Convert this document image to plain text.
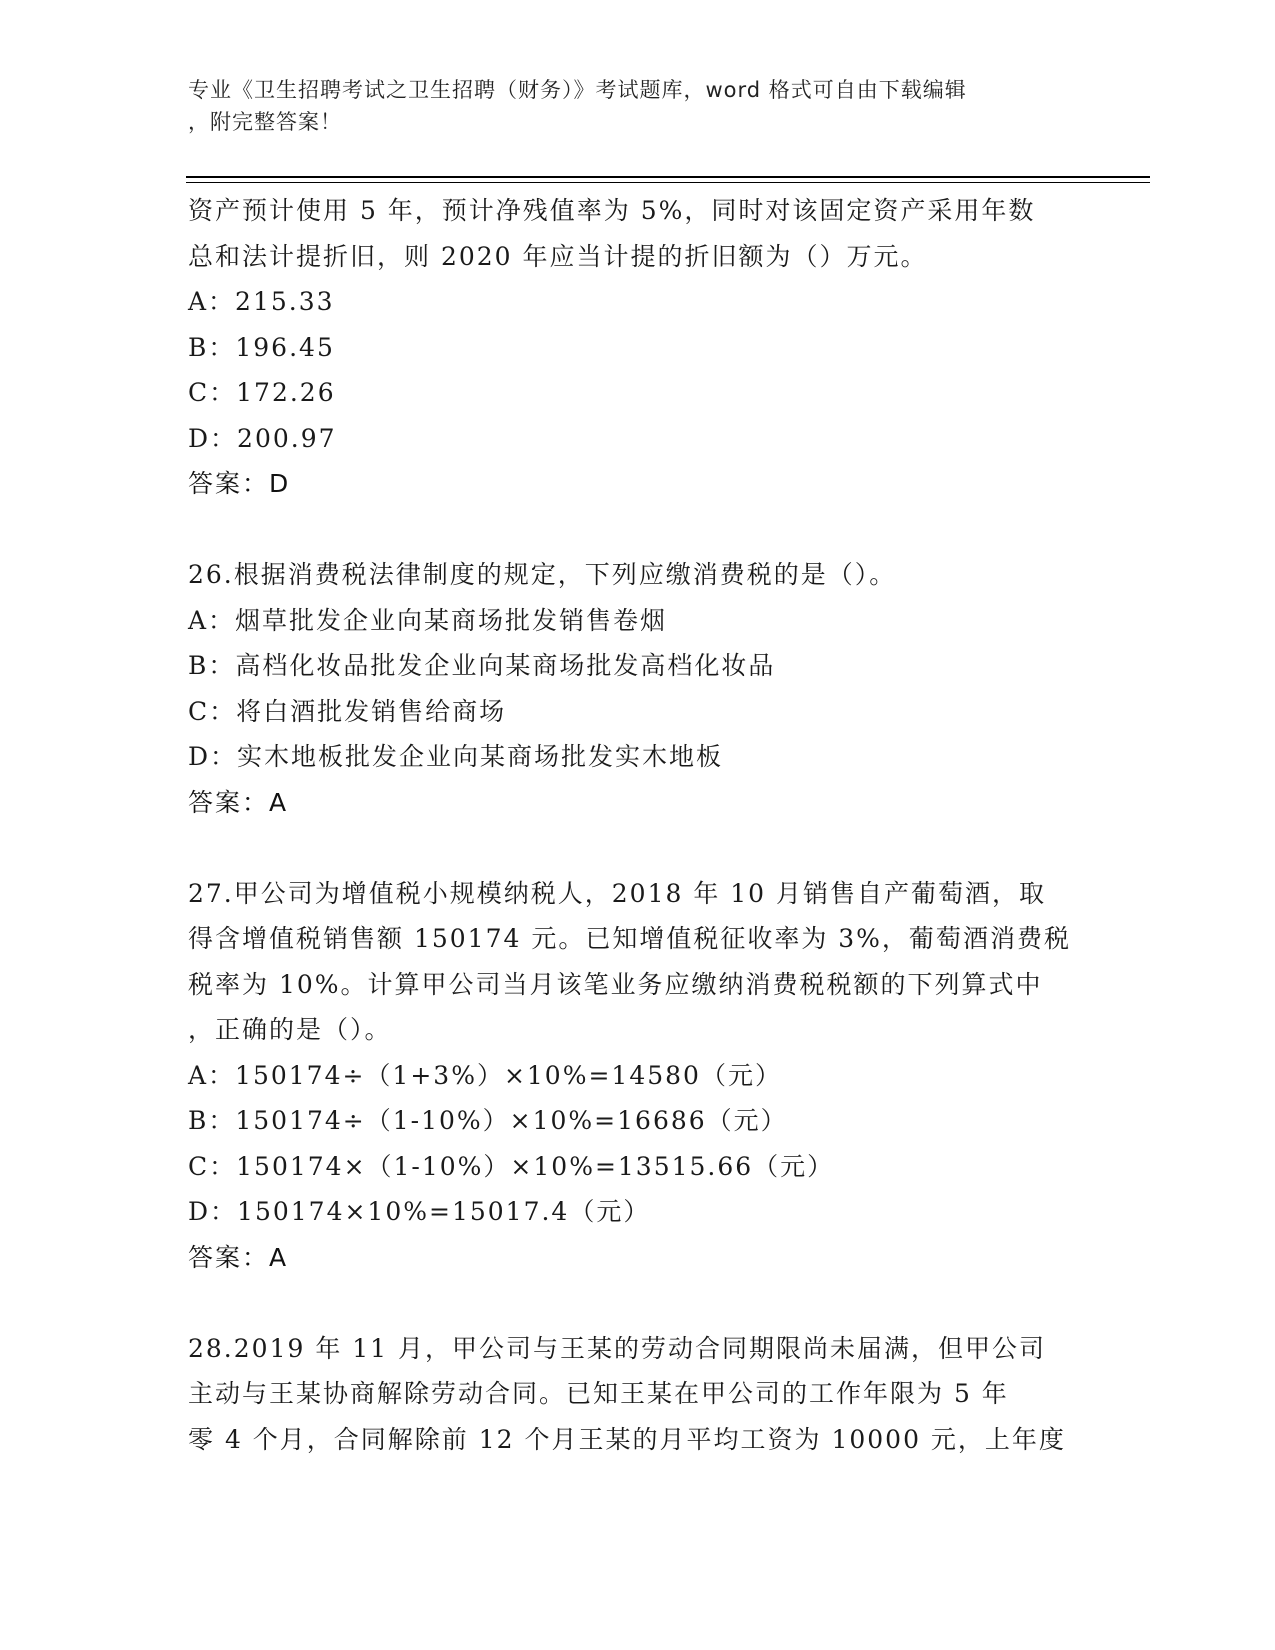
专业《卫生招聘考试之卫生招聘（财务）》考试题库，word 格式可自由下载编辑
，附完整答案！
资产预计使用 5 年，预计净残值率为 5%，同时对该固定资产采用年数
总和法计提折旧，则 2020 年应当计提的折旧额为（）万元。
A：215.33
B：196.45
C：172.26
D：200.97
答案：D
26.根据消费税法律制度的规定，下列应缴消费税的是（）。
A：烟草批发企业向某商场批发销售卷烟
B：高档化妆品批发企业向某商场批发高档化妆品
C：将白酒批发销售给商场
D：实木地板批发企业向某商场批发实木地板
答案：A
27.甲公司为增值税小规模纳税人，2018 年 10 月销售自产葡萄酒，取
得含增值税销售额 150174 元。已知增值税征收率为 3%，葡萄酒消费税
税率为 10%。计算甲公司当月该笔业务应缴纳消费税税额的下列算式中
，正确的是（）。
A：150174÷（1+3%）×10%=14580（元）
B：150174÷（1-10%）×10%=16686（元）
C：150174×（1-10%）×10%=13515.66（元）
D：150174×10%=15017.4（元）
答案：A
28.2019 年 11 月，甲公司与王某的劳动合同期限尚未届满，但甲公司
主动与王某协商解除劳动合同。已知王某在甲公司的工作年限为 5 年
零 4 个月，合同解除前 12 个月王某的月平均工资为 10000 元，上年度
